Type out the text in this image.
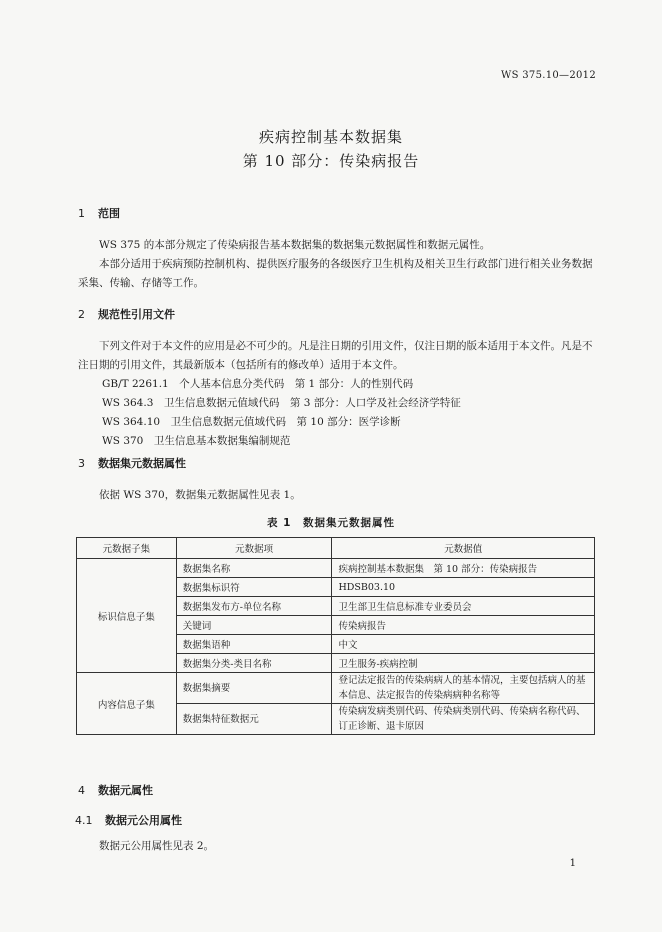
WS 375.10—2012
疾病控制基本数据集
第 10 部分：传染病报告
1 范围
WS 375 的本部分规定了传染病报告基本数据集的数据集元数据属性和数据元属性。
本部分适用于疾病预防控制机构、提供医疗服务的各级医疗卫生机构及相关卫生行政部门进行相关业务数据采集、传输、存储等工作。
2 规范性引用文件
下列文件对于本文件的应用是必不可少的。凡是注日期的引用文件，仅注日期的版本适用于本文件。凡是不注日期的引用文件，其最新版本（包括所有的修改单）适用于本文件。
GB/T 2261.1　个人基本信息分类代码　第 1 部分：人的性别代码
WS 364.3　卫生信息数据元值域代码　第 3 部分：人口学及社会经济学特征
WS 364.10　卫生信息数据元值域代码　第 10 部分：医学诊断
WS 370　卫生信息基本数据集编制规范
3 数据集元数据属性
依据 WS 370，数据集元数据属性见表 1。
表 1　数据集元数据属性
元数据子集	元数据项	元数据值
标识信息子集	数据集名称	疾病控制基本数据集　第 10 部分：传染病报告
	数据集标识符	HDSB03.10
	数据集发布方-单位名称	卫生部卫生信息标准专业委员会
	关键词	传染病报告
	数据集语种	中文
	数据集分类-类目名称	卫生服务-疾病控制
内容信息子集	数据集摘要	登记法定报告的传染病病人的基本情况，主要包括病人的基本信息、法定报告的传染病病种名称等
	数据集特征数据元	传染病发病类别代码、传染病类别代码、传染病名称代码、订正诊断、退卡原因
4 数据元属性
4.1 数据元公用属性
数据元公用属性见表 2。
1
